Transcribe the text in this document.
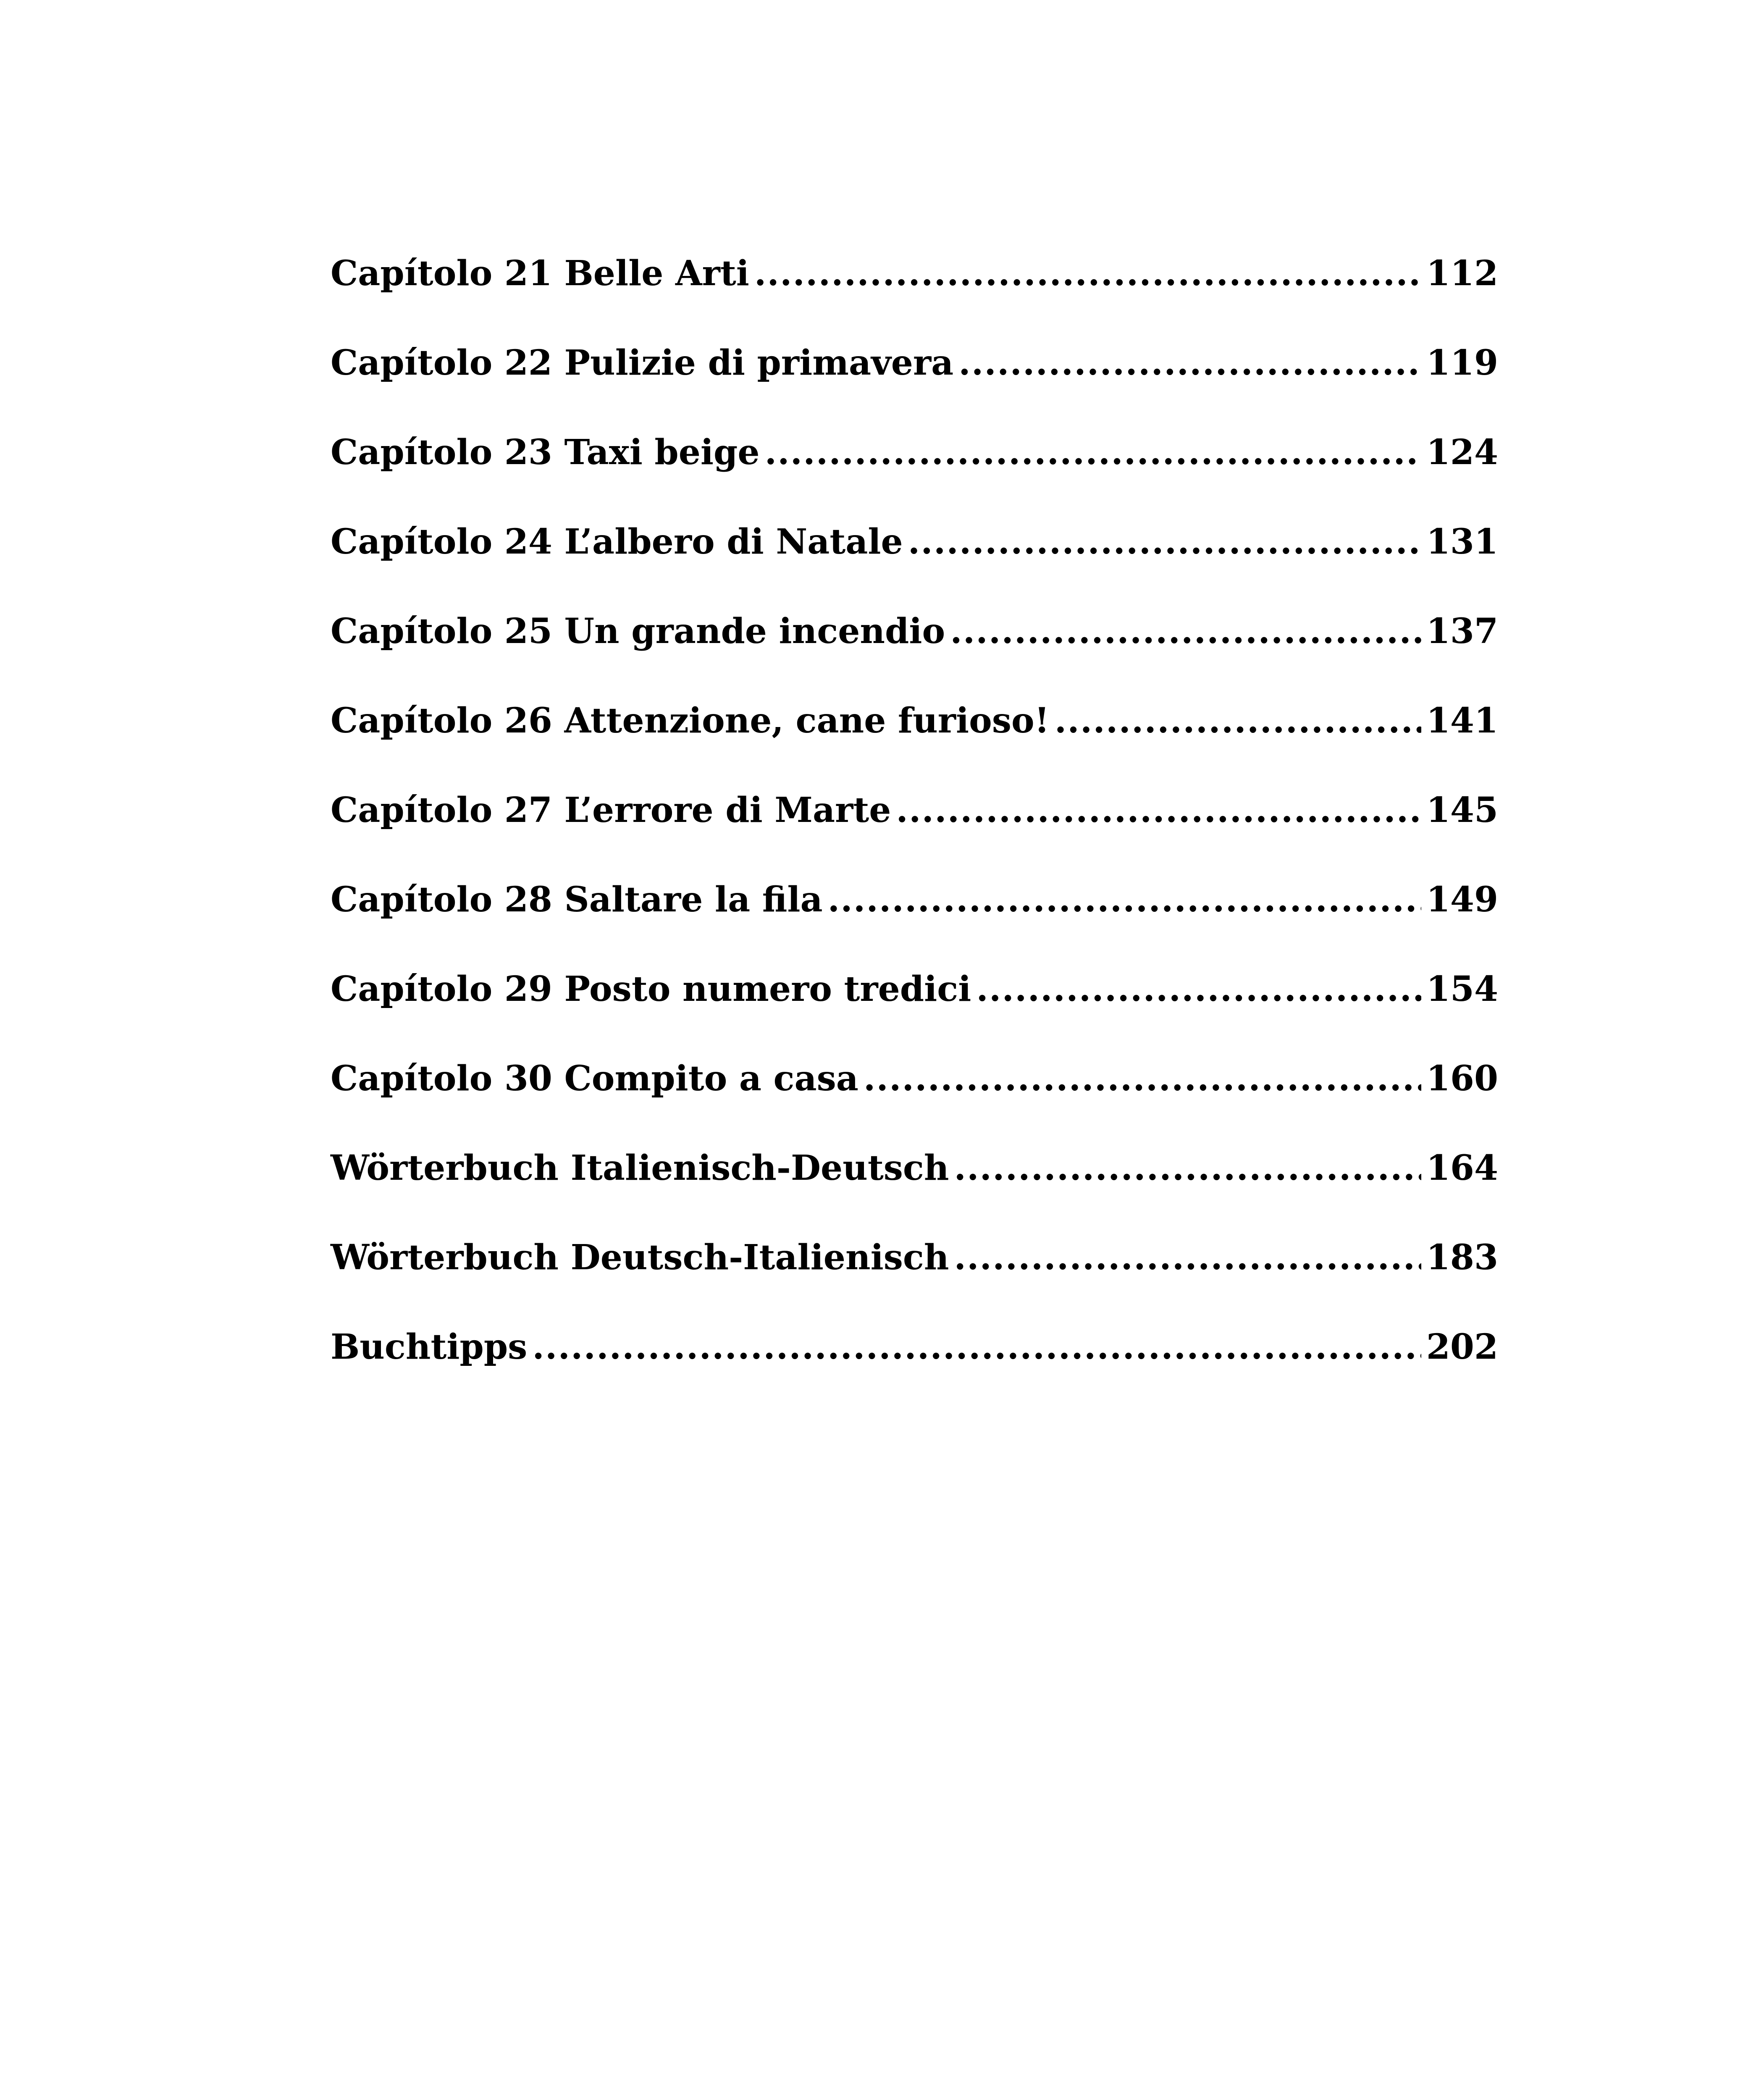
Capítolo 21 Belle Arti .....	112
Capítolo 22 Pulizie di primavera .....	119
Capítolo 23 Taxi beige .....	124
Capítolo 24 L’albero di Natale .....	131
Capítolo 25 Un grande incendio .....	137
Capítolo 26 Attenzione, cane furioso! .....	141
Capítolo 27 L’errore di Marte .....	145
Capítolo 28 Saltare la fila .....	149
Capítolo 29 Posto numero tredici .....	154
Capítolo 30 Compito a casa .....	160
Wörterbuch Italienisch-Deutsch .....	164
Wörterbuch Deutsch-Italienisch .....	183
Buchtipps .....	202
